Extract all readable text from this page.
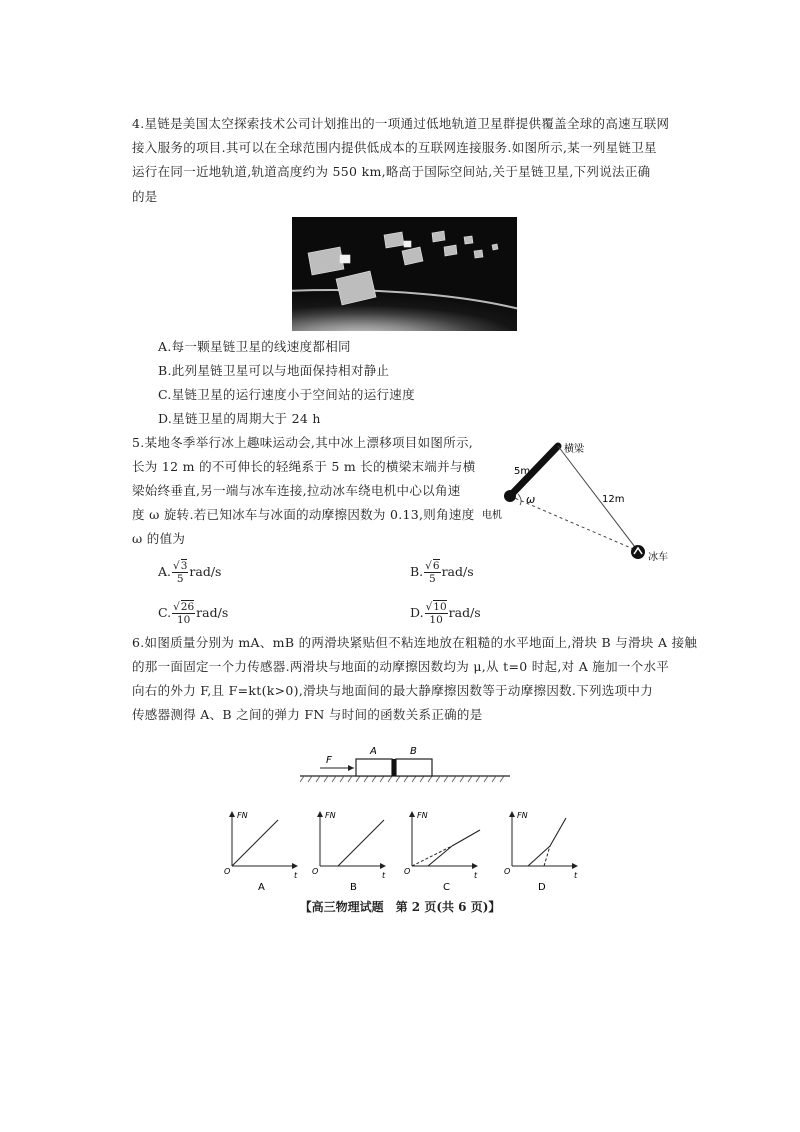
4.星链是美国太空探索技术公司计划推出的一项通过低地轨道卫星群提供覆盖全球的高速互联网
接入服务的项目.其可以在全球范围内提供低成本的互联网连接服务.如图所示,某一列星链卫星
运行在同一近地轨道,轨道高度约为 550 km,略高于国际空间站,关于星链卫星,下列说法正确
的是
A.每一颗星链卫星的线速度都相同
B.此列星链卫星可以与地面保持相对静止
C.星链卫星的运行速度小于空间站的运行速度
D.星链卫星的周期大于 24 h
5.某地冬季举行冰上趣味运动会,其中冰上漂移项目如图所示,
长为 12 m 的不可伸长的轻绳系于 5 m 长的横梁末端并与横
梁始终垂直,另一端与冰车连接,拉动冰车绕电机中心以角速
度 ω 旋转.若已知冰车与冰面的动摩擦因数为 0.13,则角速度
ω 的值为
A. $\frac{√3}{5} rad/s$	B. $\frac{√6}{5} rad/s$
C. $\frac{√26}{10} rad/s$	D. $\frac{√10}{10} rad/s$
横梁
5m
12m
ω
电机
冰车
6.如图质量分别为 mA、mB 的两滑块紧贴但不粘连地放在粗糙的水平地面上,滑块 B 与滑块 A 接触
的那一面固定一个力传感器.两滑块与地面的动摩擦因数均为 μ,从 t=0 时起,对 A 施加一个水平
向右的外力 F,且 F=kt(k>0),滑块与地面间的最大静摩擦因数等于动摩擦因数.下列选项中力
传感器测得 A、B 之间的弹力 FN 与时间的函数关系正确的是
F
A	B
FN
t
O
A
FN
t
O
B
FN
t
O
C
FN
t
O
D
【高三物理试题　第 2 页(共 6 页)】
